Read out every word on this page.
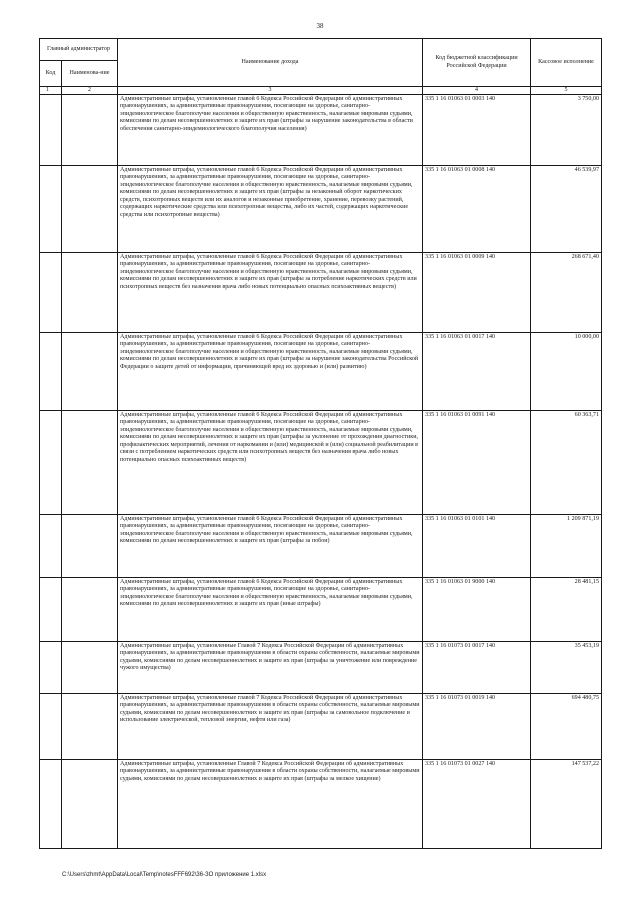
38
Главный администратор		Наименование дохода	Код бюджетной классификации Российской Федерации	Кассовое исполнение
Код	Наименова-ние			
1	2	3	4	5
		Административные штрафы, установленные главой 6 Кодекса Российской Федерации об административных правонарушениях, за административные правонарушения, посягающие на здоровье, санитарно-эпидемиологическое благополучие населения и общественную нравственность, налагаемые мировыми судьями, комиссиями по делам несовершеннолетних и защите их прав (штрафы за нарушение законодательства в области обеспечения санитарно-эпидемиологического благополучия населения)	335 1 16 01063 01 0003 140	3 750,00
		Административные штрафы, установленные главой 6 Кодекса Российской Федерации об административных правонарушениях, за административные правонарушения, посягающие на здоровье, санитарно-эпидемиологическое благополучие населения и общественную нравственность, налагаемые мировыми судьями, комиссиями по делам несовершеннолетних и защите их прав (штрафы за незаконный оборот наркотических средств, психотропных веществ или их аналогов и незаконные приобретение, хранение, перевозку растений, содержащих наркотические средства или психотропные вещества, либо их частей, содержащих наркотические средства или психотропные вещества)	335 1 16 01063 01 0008 140	46 539,97
		Административные штрафы, установленные главой 6 Кодекса Российской Федерации об административных правонарушениях, за административные правонарушения, посягающие на здоровье, санитарно-эпидемиологическое благополучие населения и общественную нравственность, налагаемые мировыми судьями, комиссиями по делам несовершеннолетних и защите их прав (штрафы за потребление наркотических средств или психотропных веществ без назначения врача либо новых потенциально опасных психоактивных веществ)	335 1 16 01063 01 0009 140	268 671,40
		Административные штрафы, установленные главой 6 Кодекса Российской Федерации об административных правонарушениях, за административные правонарушения, посягающие на здоровье, санитарно-эпидемиологическое благополучие населения и общественную нравственность, налагаемые мировыми судьями, комиссиями по делам несовершеннолетних и защите их прав (штрафы за нарушение законодательства Российской Федерации о защите детей от информации, причиняющей вред их здоровью и (или) развитию)	335 1 16 01063 01 0017 140	10 000,00
		Административные штрафы, установленные главой 6 Кодекса Российской Федерации об административных правонарушениях, за административные правонарушения, посягающие на здоровье, санитарно-эпидемиологическое благополучие населения и общественную нравственность, налагаемые мировыми судьями, комиссиями по делам несовершеннолетних и защите их прав (штрафы за уклонение от прохождения диагностики, профилактических мероприятий, лечения от наркомании и (или) медицинской и (или) социальной реабилитации в связи с потреблением наркотических средств или психотропных веществ без назначения врача либо новых потенциально опасных психоактивных веществ)	335 1 16 01063 01 0091 140	60 363,71
		Административные штрафы, установленные главой 6 Кодекса Российской Федерации об административных правонарушениях, за административные правонарушения, посягающие на здоровье, санитарно-эпидемиологическое благополучие населения и общественную нравственность, налагаемые мировыми судьями, комиссиями по делам несовершеннолетних и защите их прав (штрафы за побои)	335 1 16 01063 01 0101 140	1 209 871,19
		Административные штрафы, установленные главой 6 Кодекса Российской Федерации об административных правонарушениях, за административные правонарушения, посягающие на здоровье, санитарно-эпидемиологическое благополучие населения и общественную нравственность, налагаемые мировыми судьями, комиссиями по делам несовершеннолетних и защите их прав (иные штрафы)	335 1 16 01063 01 9000 140	28 481,15
		Административные штрафы, установленные Главой 7 Кодекса Российской Федерации об административных правонарушениях, за административные правонарушения в области охраны собственности, налагаемые мировыми судьями, комиссиями по делам несовершеннолетних и защите их прав (штрафы за уничтожение или повреждение чужого имущества)	335 1 16 01073 01 0017 140	35 453,19
		Административные штрафы, установленные главой 7 Кодекса Российской Федерации об административных правонарушениях, за административные правонарушения в области охраны собственности, налагаемые мировыми судьями, комиссиями по делам несовершеннолетних и защите их прав (штрафы за самовольное подключение и использование электрической, тепловой энергии, нефти или газа)	335 1 16 01073 01 0019 140	694 480,75
		Административные штрафы, установленные Главой 7 Кодекса Российской Федерации об административных правонарушениях, за административные правонарушения в области охраны собственности, налагаемые мировыми судьями, комиссиями по делам несовершеннолетних и защите их прав (штрафы за мелкое хищение)	335 1 16 01073 01 0027 140	147 537,22
C:\Users\zhmt\AppData\Local\Temp\notesFFF692\36-ЗО приложение 1.xlsx
